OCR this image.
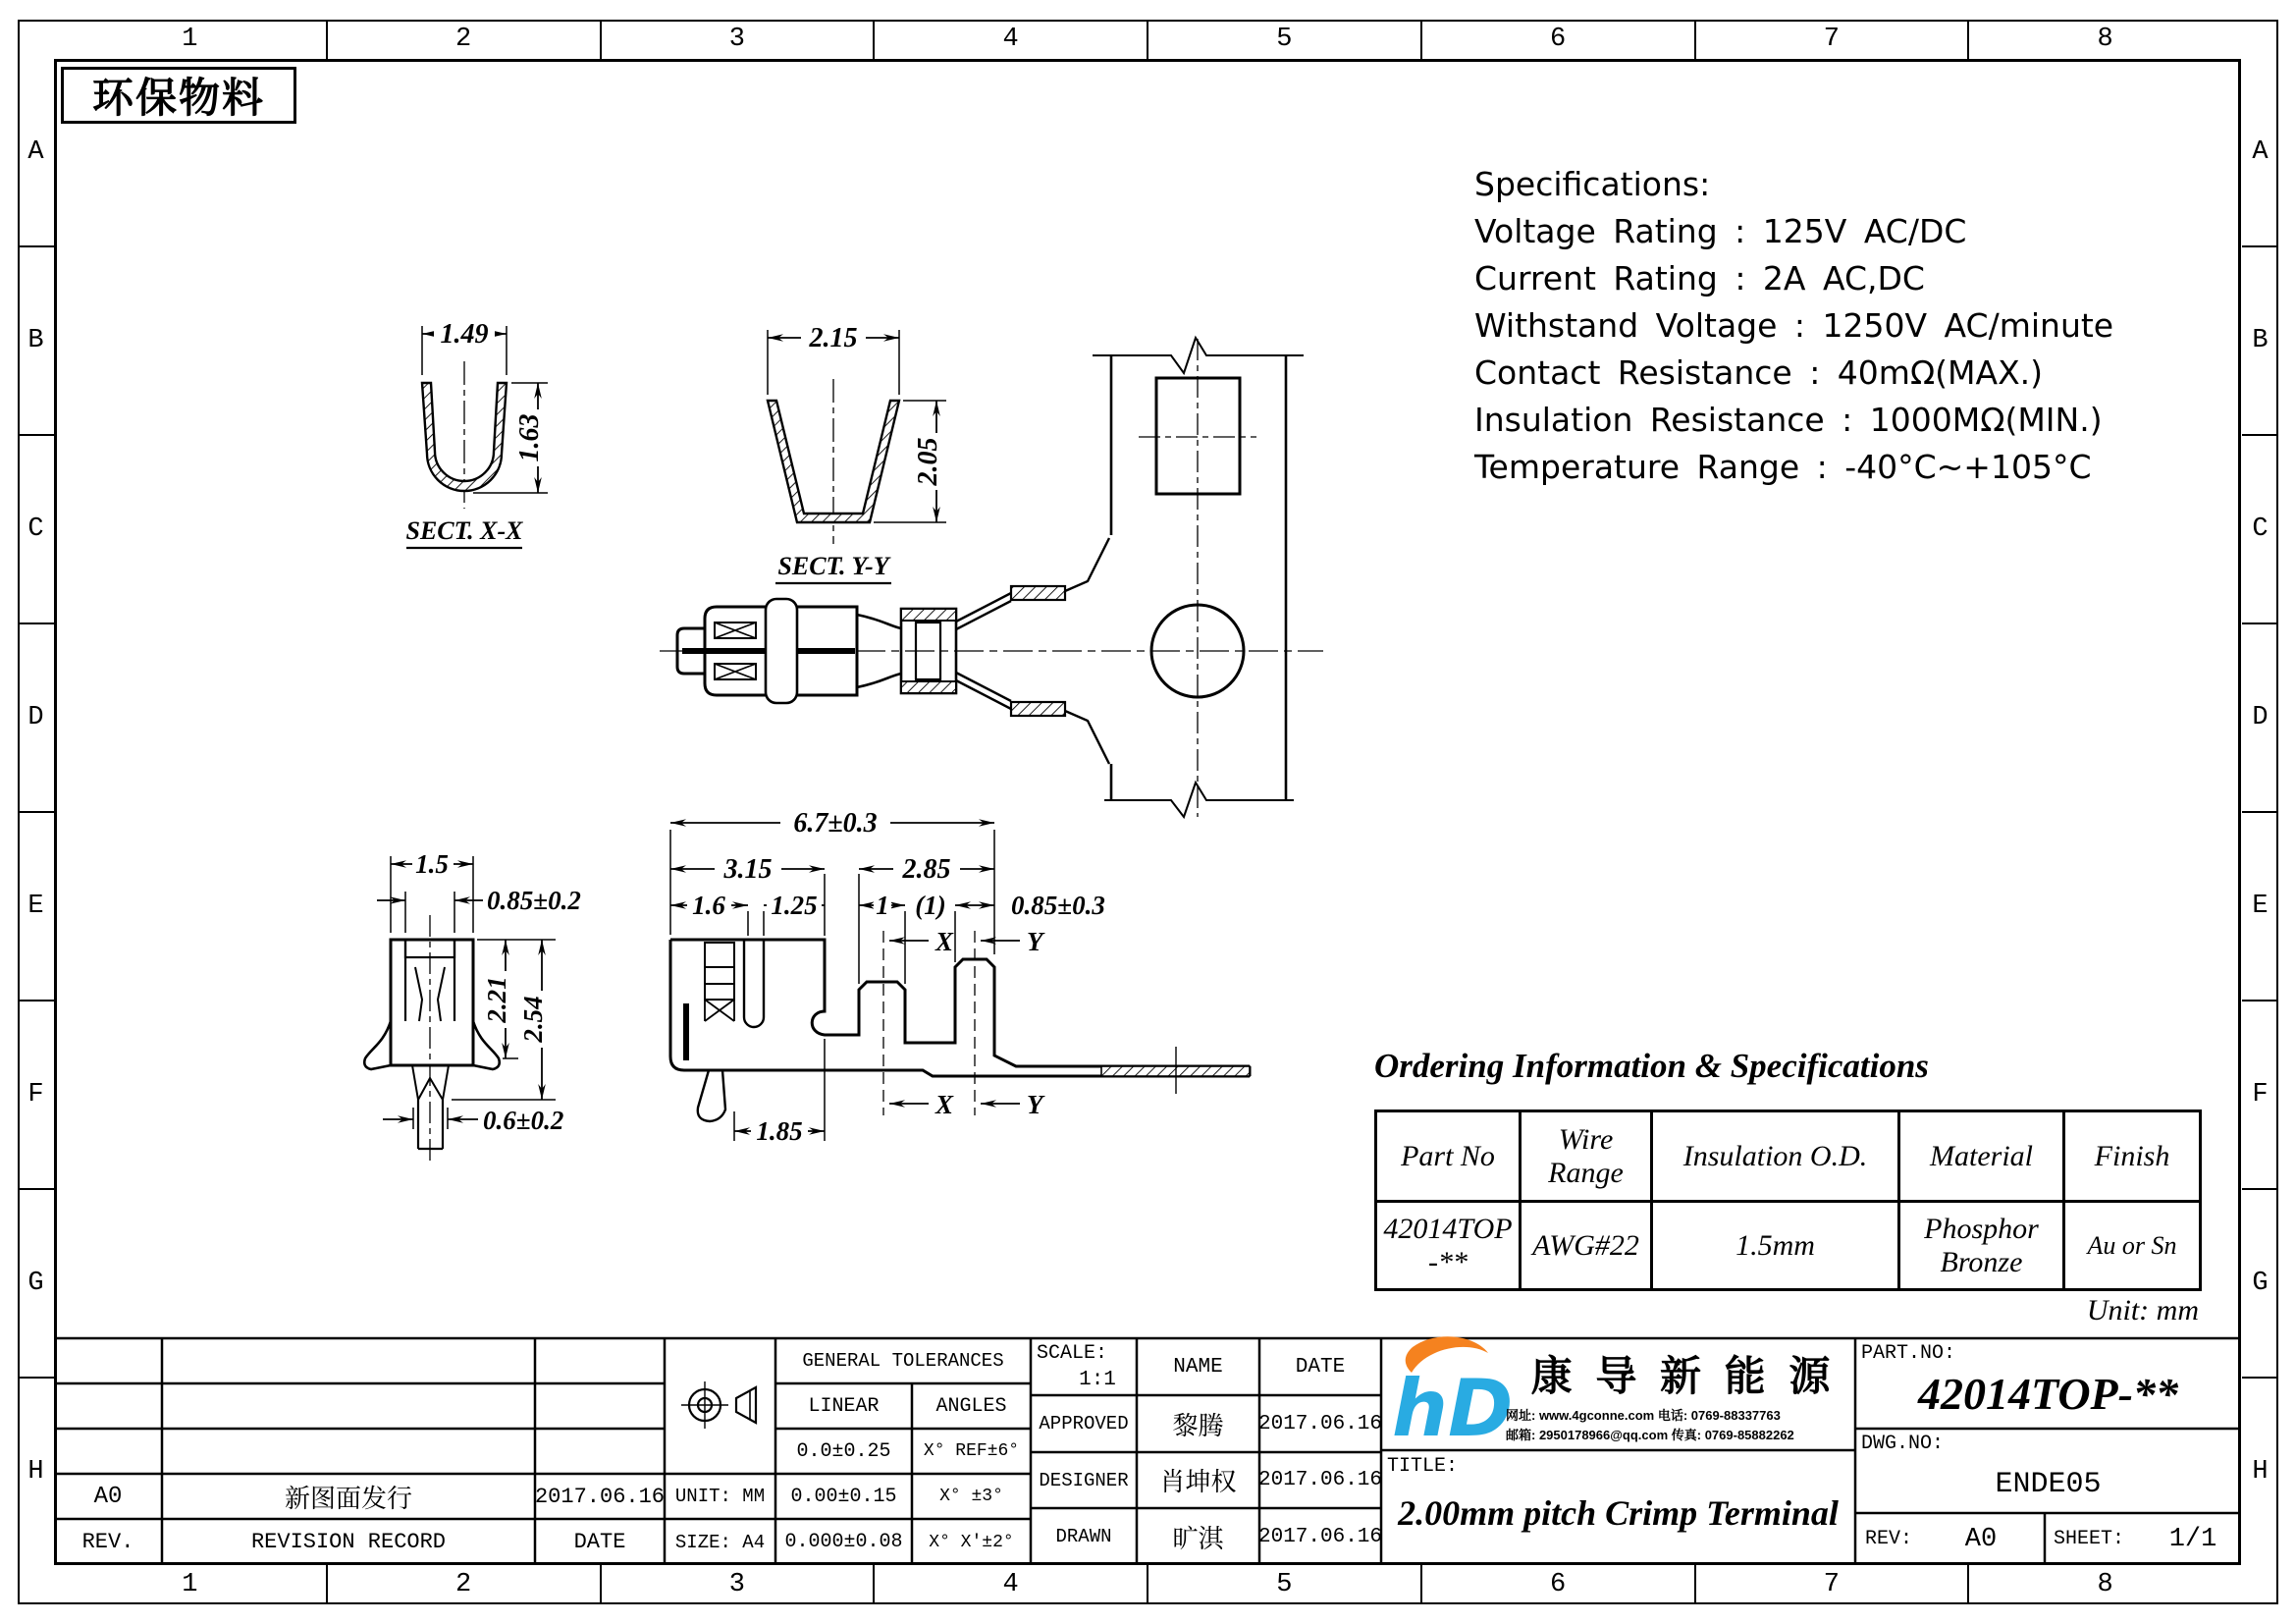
1	2	3	4	5	6	7	8
1	2	3	4	5	6	7	8
A
B
C
D
E
F
G
H
A
B
C
D
E
F
G
H
环保物料
Specifications:
Voltage Rating : 125V AC/DC
Current Rating : 2A AC,DC
Withstand Voltage : 1250V AC/minute
Contact Resistance : 40mΩ(MAX.)
Insulation Resistance : 1000MΩ(MIN.)
Temperature Range : -40°C~+105°C
1.49
1.63
SECT. X-X
2.15
2.05
SECT. Y-Y
1.5
0.85±0.2
2.21 2.54
0.6±0.2
X
X
Y
Y
6.7±0.3
3.15	2.85
1.6 1.25 1 (1) 0.85±0.3
1.85
hD
Ordering Information & Specifications
Part No	Wire Range	Insulation O.D.	Material	Finish
42014TOP-**	AWG#22	1.5mm	Phosphor Bronze	Au or Sn
Unit: mm
A0	新图面发行	2017.06.16
REV.	REVISION RECORD	DATE
UNIT: MM
SIZE: A4
GENERAL TOLERANCES
LINEAR	ANGLES
0.0±0.25	X° REF±6°
0.00±0.15	X° ±3°
0.000±0.08	X° X'±2°
SCALE:
1:1
NAME	DATE
APPROVED	黎腾	2017.06.16
DESIGNER	肖坤权	2017.06.16
DRAWN	旷淇	2017.06.16
康 导 新 能 源
网址: www.4gconne.com 电话: 0769-88337763
邮箱: 2950178966@qq.com 传真: 0769-85882262
TITLE:
2.00mm pitch Crimp Terminal
PART.NO:
42014TOP-**
DWG.NO:
ENDE05
REV:	A0	SHEET:	1/1
